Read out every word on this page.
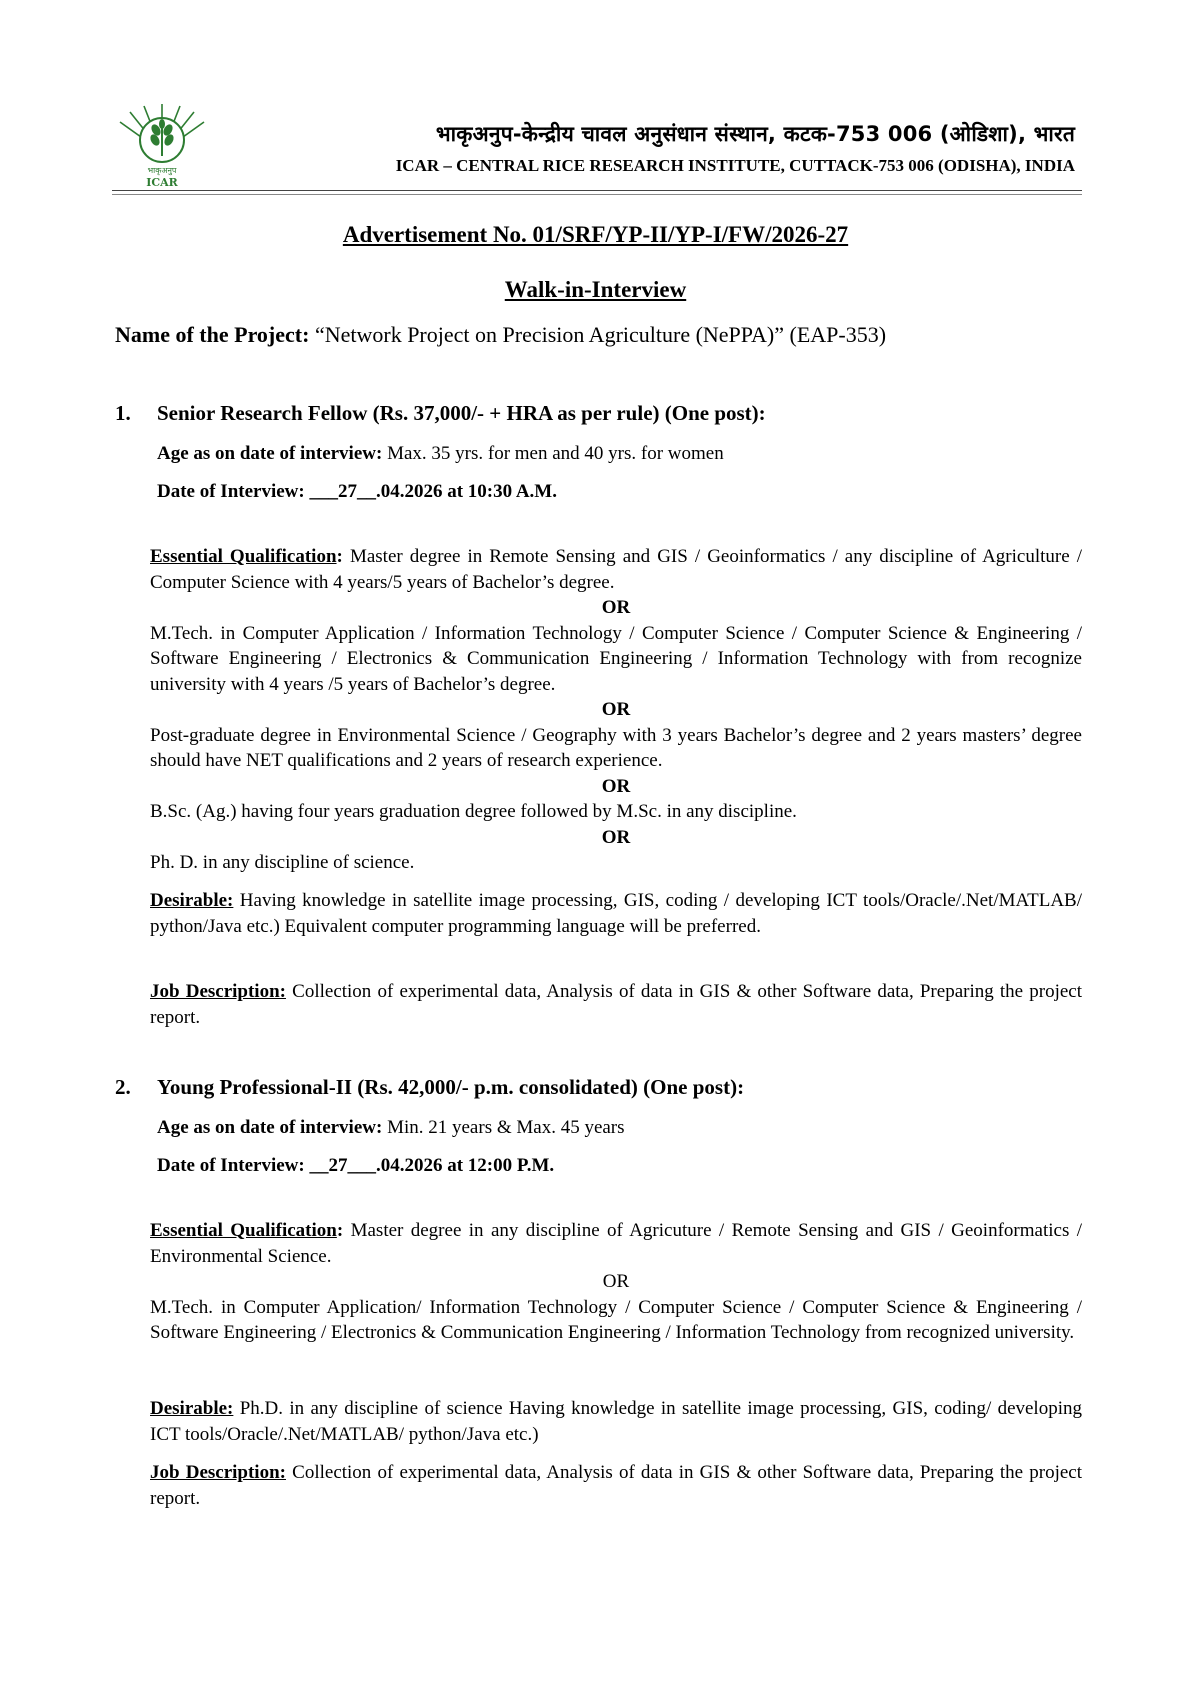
भाकृअनुप
ICAR
भाकृअनुप-केन्द्रीय चावल अनुसंधान संस्थान, कटक-753 006 (ओडिशा), भारत
ICAR – CENTRAL RICE RESEARCH INSTITUTE, CUTTACK-753 006 (ODISHA), INDIA
Advertisement No. 01/SRF/YP-II/YP-I/FW/2026-27
Walk-in-Interview
Name of the Project: “Network Project on Precision Agriculture (NePPA)” (EAP-353)
1. Senior Research Fellow (Rs. 37,000/- + HRA as per rule) (One post):
Age as on date of interview: Max. 35 yrs. for men and 40 yrs. for women
Date of Interview: ___27__.04.2026 at 10:30 A.M.

Essential Qualification: Master degree in Remote Sensing and GIS / Geoinformatics / any discipline of Agriculture / Computer Science with 4 years/5 years of Bachelor’s degree.

OR

M.Tech. in Computer Application / Information Technology / Computer Science / Computer Science & Engineering / Software Engineering / Electronics & Communication Engineering / Information Technology with from recognize university with 4 years /5 years of Bachelor’s degree.

OR

Post-graduate degree in Environmental Science / Geography with 3 years Bachelor’s degree and 2 years masters’ degree should have NET qualifications and 2 years of research experience.

OR

B.Sc. (Ag.) having four years graduation degree followed by M.Sc. in any discipline.

OR

Ph. D. in any discipline of science.

Desirable: Having knowledge in satellite image processing, GIS, coding / developing ICT tools/Oracle/.Net/MATLAB/ python/Java etc.) Equivalent computer programming language will be preferred.

Job Description: Collection of experimental data, Analysis of data in GIS & other Software data, Preparing the project report.

2. Young Professional-II (Rs. 42,000/- p.m. consolidated) (One post):
Age as on date of interview: Min. 21 years & Max. 45 years
Date of Interview: __27___.04.2026 at 12:00 P.M.

Essential Qualification: Master degree in any discipline of Agricuture / Remote Sensing and GIS / Geoinformatics / Environmental Science.

OR

M.Tech. in Computer Application/ Information Technology / Computer Science / Computer Science & Engineering / Software Engineering / Electronics & Communication Engineering / Information Technology from recognized university.

Desirable: Ph.D. in any discipline of science Having knowledge in satellite image processing, GIS, coding/ developing ICT tools/Oracle/.Net/MATLAB/ python/Java etc.)

Job Description: Collection of experimental data, Analysis of data in GIS & other Software data, Preparing the project report.
